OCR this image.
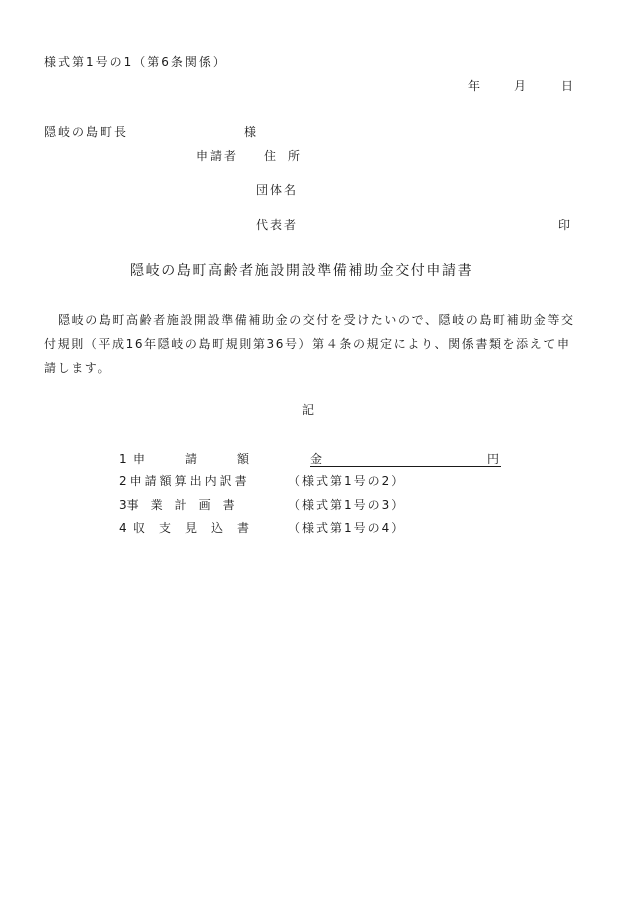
様式第1号の1（第6条関係）
年	月	日
隠岐の島町長	様
申請者 住　所
団体名
代表者	印
隠岐の島町高齢者施設開設準備補助金交付申請書
隠岐の島町高齢者施設開設準備補助金の交付を受けたいので、隠岐の島町補助金等交付規則（平成16年隠岐の島町規則第36号）第４条の規定により、関係書類を添えて申請します。
記
1 申	請	額	金	円
2申請額算出内訳書	（様式第1号の2）
3事　業　計　画　書	（様式第1号の3）
4 収 支 見 込 書	（様式第1号の4）
